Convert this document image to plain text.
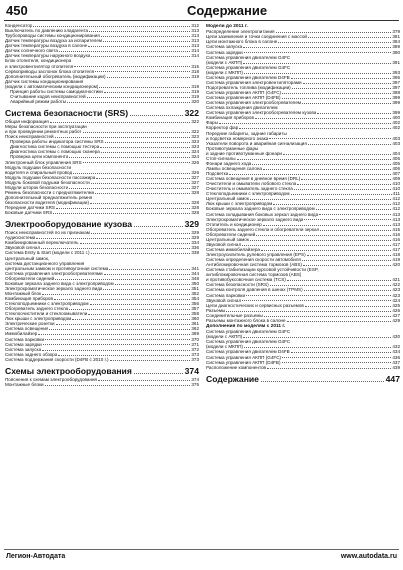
450	Содержание
Конденсатор	312
Выключатель по давлению хладагента	313
Трубопроводы системы кондиционирования	313
Датчик температуры воздуха за испарителем	313
Датчик температуры воздуха в салоне	313
Датчик солнечного света	314
Датчик температуры наружного воздуха	314
Блок отопителя, кондиционера
и электровентилятор отопителя	315
Сервоприводы заслонок блока отопителя	318
Дополнительный обогреватель (модификации)	319
Датчик системы кондиционирования
(модели с автоматическим кондиционером)	319
Принцип работы системы самодиагностики	319
Считывание кодов неисправностей	319
Аварийный режим работы	320
Система безопасности (SRS)	322
Общая информация	322
Меры безопасности при эксплуатации
и при проведении ремонтных работ	322
Поиск неисправностей	323
Проверка работы индикатора системы SRS	323
Диагностика системы с помощью тестера	323
Диагностика системы с помощью сканера	324
Проверка цепи компонента	324
Электронный блок управления SRS	326
Модуль подушки безопасности
водителя и спиральный провод	326
Модуль подушки безопасности пассажира	327
Модуль боковой подушки безопасности	327
Модули шторок безопасности	327
Ремень безопасности с преднатяжителем	328
Дополнительный преднатяжитель ремня
безопасности водителя (модификации)	328
Передние датчики SRS	328
Боковые датчики SRS	328
Электрооборудование кузова	329
Поиск неисправностей по их признакам	329
Аудиосистема	329
Комбинированный переключатель	334
Звуковой сигнал	336
Система Entry & Start (модели с 2011 г.)	338
Центральный замок,
система дистанционного управления
центральным замком и противоугонная система	341
Система управления электрообогревателями	344
Обогреватели сидений	348
Боковые зеркала заднего вида с электроприводом	350
Электрохроматическое зеркало заднего вида	351
Монтажный блок	352
Комбинация приборов	354
Стеклоподъемники с электроприводом	356
Обогреватель заднего стекла	357
Стеклоочистители и стеклоомыватели	358
Люк крыши с электроприводом	360
Электрические розетки	361
Система освещения	362
Иммобилайзер	369
Система парковки	370
Система зарядки	371
Система запуска	372
Система заднего обзора	373
Система поддержания скорости (D4FB с 2010 г.)	373
Схемы электрооборудования	374
Пояснения к схемам электрооборудования	374
Монтажные блоки	375
Модели до 2011 г.
Распределение электропитания	379
Цепи заземления и точки соединения с массой	381
Цепи монтажного блока в салоне	384
Система запуска	389
Система зарядки	390
Система управления двигателем G4FC
(модели с АКПП)	391
Система управления двигателем G4FC
(модели с МКПП)	393
Система управления двигателем D4FB	395
Система управления электровентиляторами	397
Подогреватель топлива (модификации)	397
Система управления АКПП (G4FC)	398
Система управления АКПП (D4FB)	399
Система управления электрообогревателем	399
Система охлаждения двигателем
Система управления электрообогревателем кузова	399
Комбинация приборов	400
Фары	402
Корректор фар	402
Передние габариты, задние габариты
и подсветка номерного знака	403
Указатели поворота и аварийная сигнализация	403
Противотуманные фары
и задние противотуманные фонари	404
Стоп-сигналы	405
Фонари заднего хода	405
Лампы освещения салона	406
Подсветка	407
Система освещения в дневное время (DRL)	409
Очистители и омыватели лобового стекла	410
Очиститель и омыватель заднего стекла	410
Стеклоподъемники с электроприводом	411
Центральный замок	412
Люк крыши с электроприводом	412
Боковые зеркала заднего вида с электроприводом	412
Система складывания боковых зеркал заднего вида	413
Электрохроматическое зеркало заднего вида	413
Отопитель и кондиционер	413
Обогреватель заднего стекла и обогреватели зеркал	415
Обогреватели сидений	416
Центральный замок	416
Звуковой сигнал	417
Система иммобилайзера	417
Электроусилитель рулевого управления (EPS)	418
Система определения скорости автомобиля	419
Антиблокировочная система тормозов (ABS)	420
Система стабилизации курсовой устойчивости (ESP,
антиблокировочная система тормозов (ABS)
и противобуксовочная система (TCS)	421
Система безопасности (SRS)	422
Система контроля давления в шинах (TPMS)	423
Система парковки	423
Звуковой сигнал	424
Цепи диагностических и сервисных разъемов	425
Разъемы	426
Соединительные разъемы	427
Разъемы монтажного блока в салоне	429
Дополнения по моделям с 2011 г.
Система управления двигателем G4FC
(модели с АКПП)	430
Система управления двигателем G4FC
(модели с МКПП)	432
Система управления двигателем D4FB	434
Система управления АКПП (G4FC)	436
Система управления АКПП (D4FB)	437
Расположение компонентов	439
Содержание	447
Легион-Автодата	www.autodata.ru
